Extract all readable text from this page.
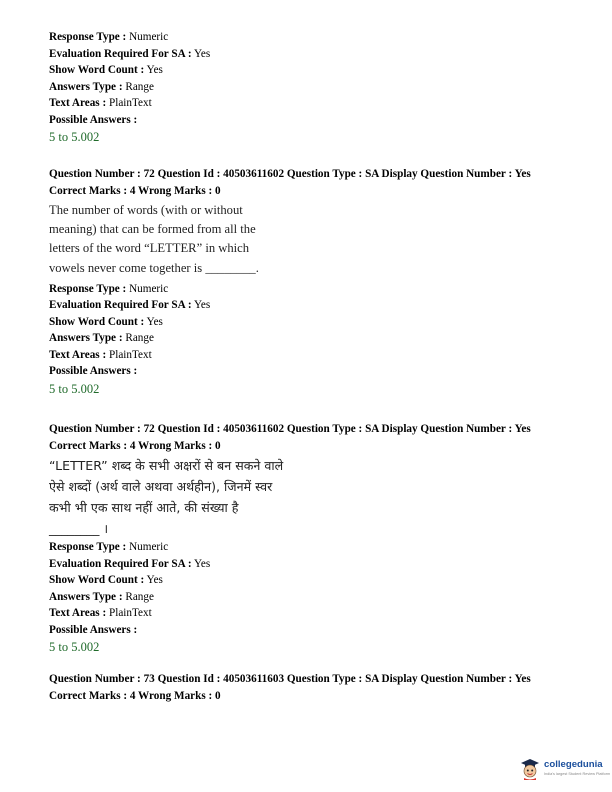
Response Type : Numeric
Evaluation Required For SA : Yes
Show Word Count : Yes
Answers Type : Range
Text Areas : PlainText
Possible Answers :
5 to 5.002
Question Number : 72 Question Id : 40503611602 Question Type : SA Display Question Number : Yes
Correct Marks : 4 Wrong Marks : 0
The number of words (with or without
meaning) that can be formed from all the
letters of the word “LETTER” in which
vowels never come together is ________.
Response Type : Numeric
Evaluation Required For SA : Yes
Show Word Count : Yes
Answers Type : Range
Text Areas : PlainText
Possible Answers :
5 to 5.002
Question Number : 72 Question Id : 40503611602 Question Type : SA Display Question Number : Yes
Correct Marks : 4 Wrong Marks : 0
“LETTER” शब्द के सभी अक्षरों से बन सकने वाले
ऐसे शब्दों (अर्थ वाले अथवा अर्थहीन), जिनमें स्वर
कभी भी एक साथ नहीं आते, की संख्या है
________ ।
Response Type : Numeric
Evaluation Required For SA : Yes
Show Word Count : Yes
Answers Type : Range
Text Areas : PlainText
Possible Answers :
5 to 5.002
Question Number : 73 Question Id : 40503611603 Question Type : SA Display Question Number : Yes
Correct Marks : 4 Wrong Marks : 0
collegedunia
India's largest Student Review Platform
